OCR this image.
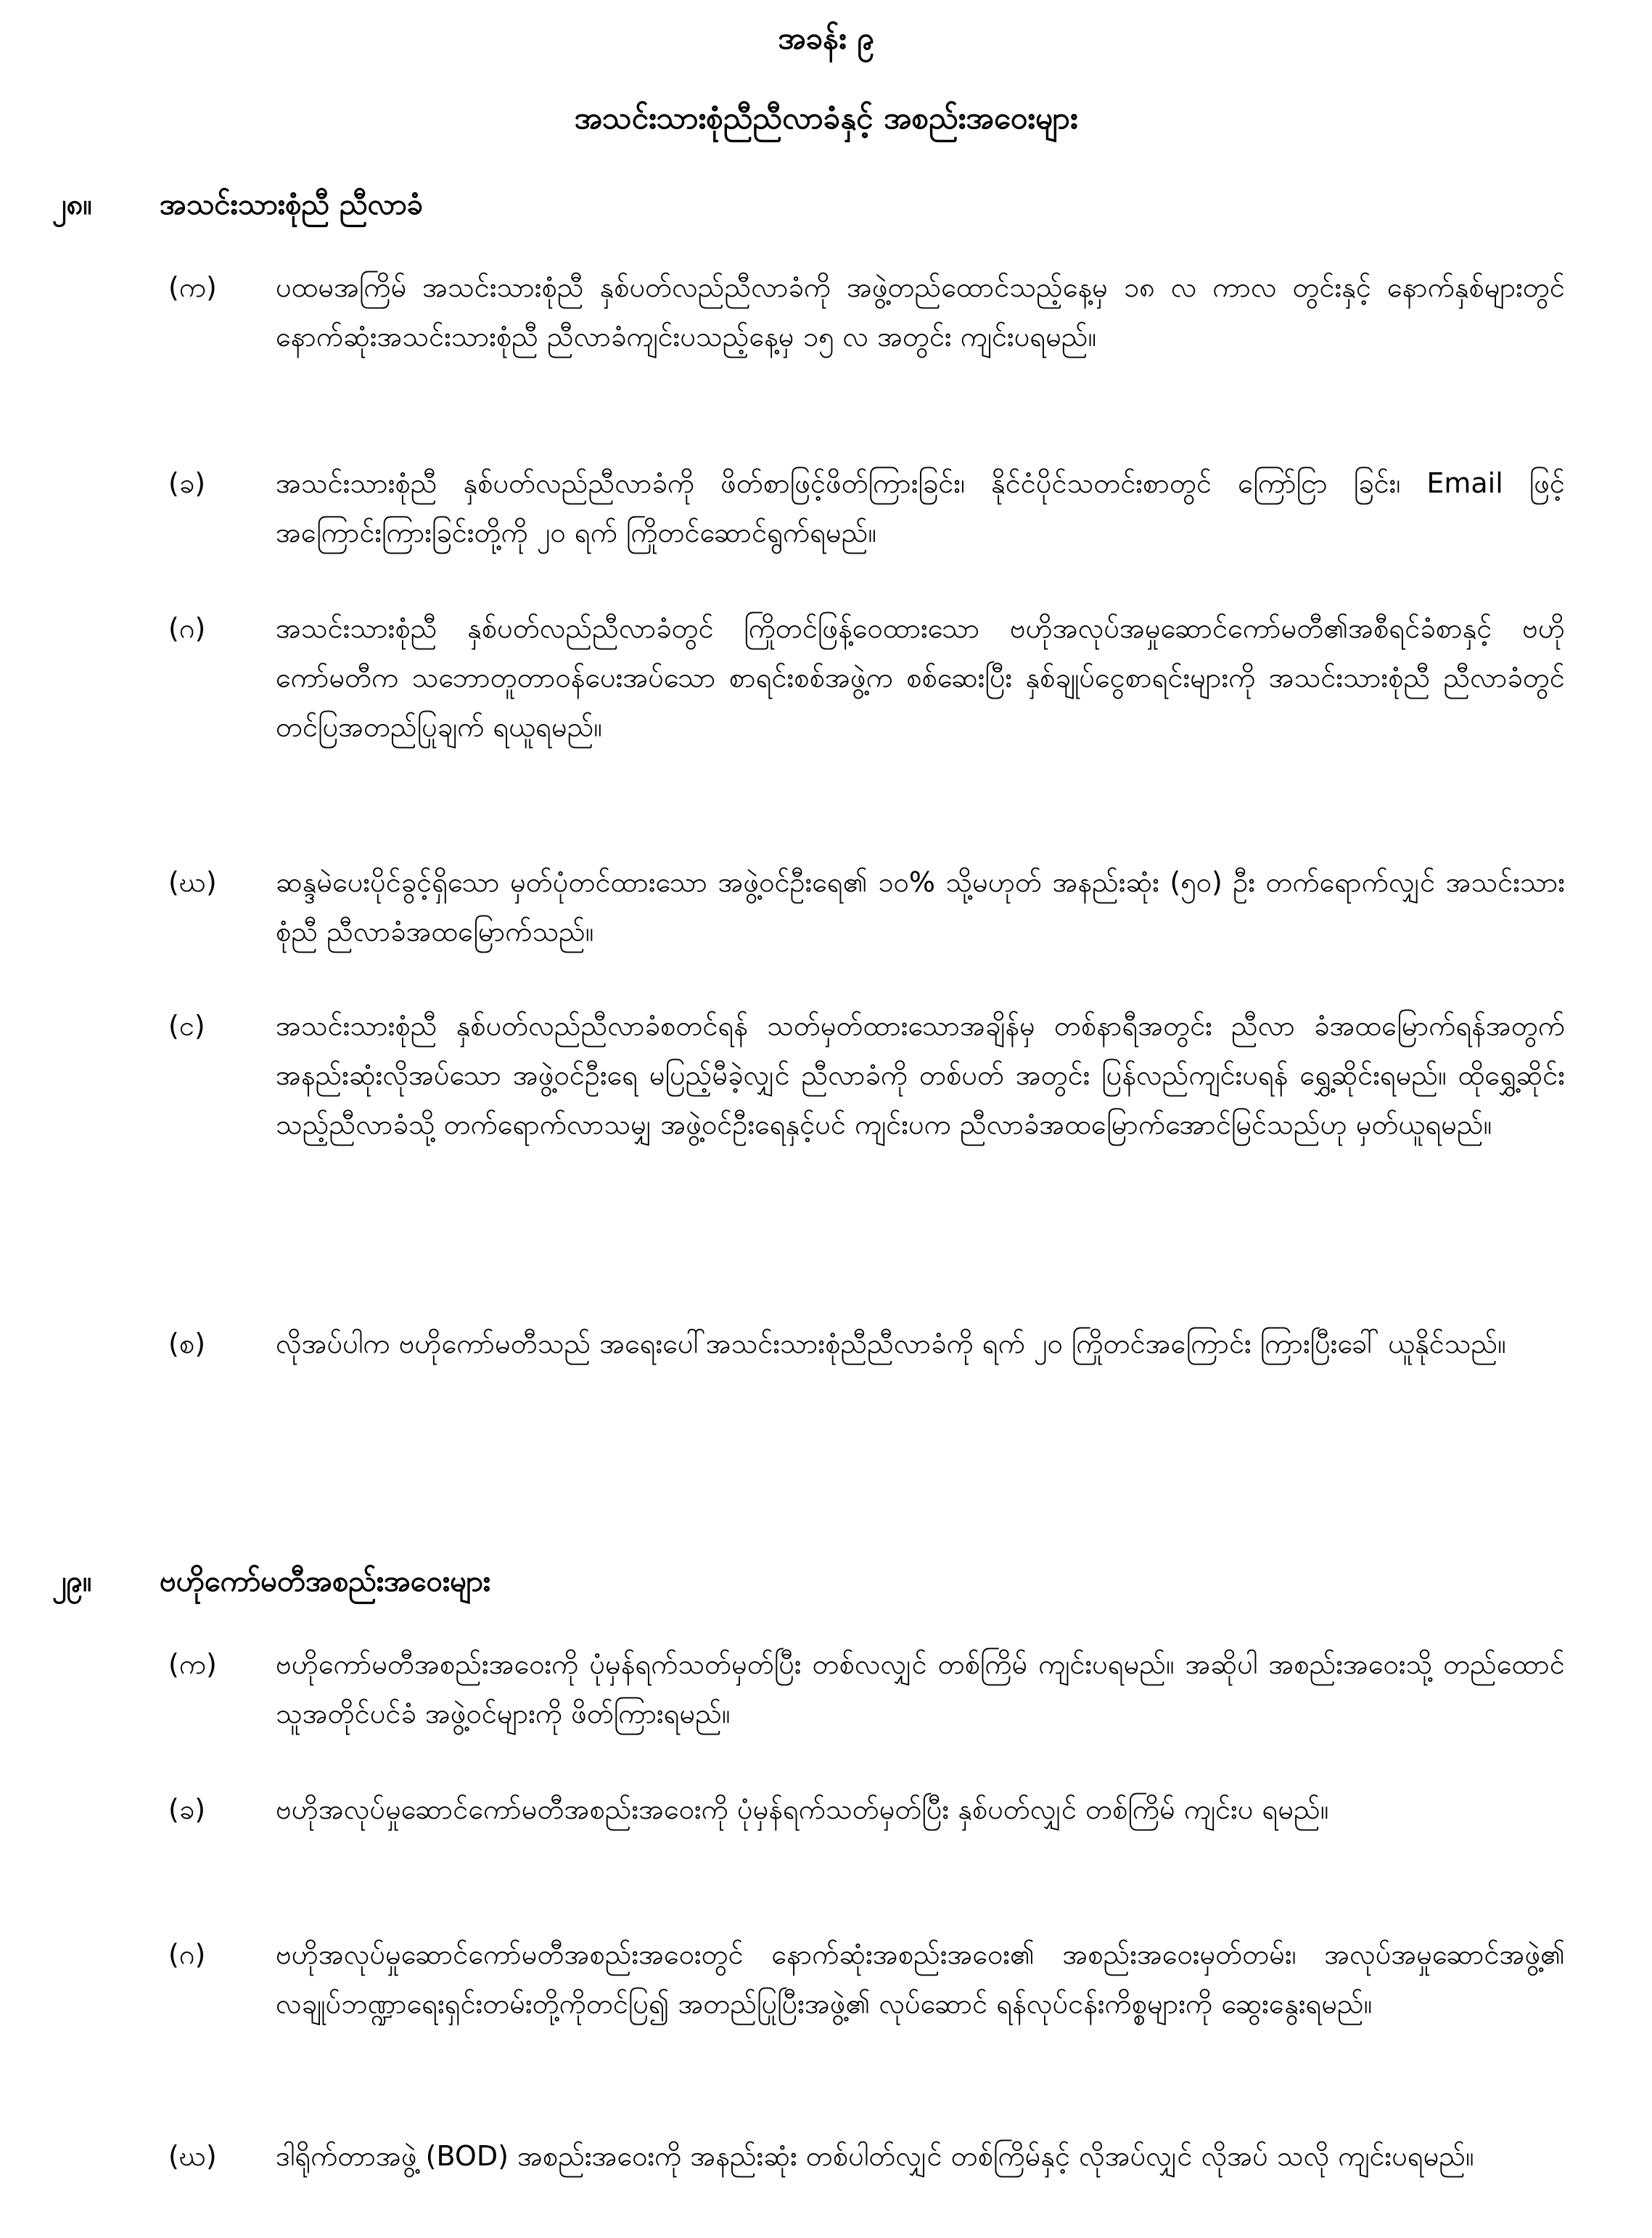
အခန်း ၉
အသင်းသားစုံညီညီလာခံနှင့် အစည်းအဝေးများ
၂၈။ အသင်းသားစုံညီ ညီလာခံ
(က)	ပထမအကြိမ် အသင်းသားစုံညီ နှစ်ပတ်လည်ညီလာခံကို အဖွဲ့တည်ထောင်သည့်နေ့မှ ၁၈ လ ကာလ တွင်းနှင့် နောက်နှစ်များတွင် နောက်ဆုံးအသင်းသားစုံညီ ညီလာခံကျင်းပသည့်နေ့မှ ၁၅ လ အတွင်း ကျင်းပရမည်။
(ခ)	အသင်းသားစုံညီ နှစ်ပတ်လည်ညီလာခံကို ဖိတ်စာဖြင့်ဖိတ်ကြားခြင်း၊ နိုင်ငံပိုင်သတင်းစာတွင် ကြော်ငြာ ခြင်း၊ Email ဖြင့်အကြောင်းကြားခြင်းတို့ကို ၂၀ ရက် ကြိုတင်ဆောင်ရွက်ရမည်။
(ဂ)	အသင်းသားစုံညီ နှစ်ပတ်လည်ညီလာခံတွင် ကြိုတင်ဖြန့်ဝေထားသော ဗဟိုအလုပ်အမှုဆောင်ကော်မတီ၏အစီရင်ခံစာနှင့် ဗဟိုကော်မတီက သဘောတူတာဝန်ပေးအပ်သော စာရင်းစစ်အဖွဲ့က စစ်ဆေးပြီး နှစ်ချုပ်ငွေစာရင်းများကို အသင်းသားစုံညီ ညီလာခံတွင် တင်ပြအတည်ပြုချက် ရယူရမည်။
(ဃ)	ဆန္ဒမဲပေးပိုင်ခွင့်ရှိသော မှတ်ပုံတင်ထားသော အဖွဲ့ဝင်ဦးရေ၏ ၁၀% သို့မဟုတ် အနည်းဆုံး (၅၀) ဦး တက်ရောက်လျှင် အသင်းသားစုံညီ ညီလာခံအထမြောက်သည်။
(င)	အသင်းသားစုံညီ နှစ်ပတ်လည်ညီလာခံစတင်ရန် သတ်မှတ်ထားသောအချိန်မှ တစ်နာရီအတွင်း ညီလာ ခံအထမြောက်ရန်အတွက် အနည်းဆုံးလိုအပ်သော အဖွဲ့ဝင်ဦးရေ မပြည့်မီခဲ့လျှင် ညီလာခံကို တစ်ပတ် အတွင်း ပြန်လည်ကျင်းပရန် ရွှေ့ဆိုင်းရမည်။ ထိုရွှေ့ဆိုင်းသည့်ညီလာခံသို့ တက်ရောက်လာသမျှ အဖွဲ့ဝင်ဦးရေနှင့်ပင် ကျင်းပက ညီလာခံအထမြောက်အောင်မြင်သည်ဟု မှတ်ယူရမည်။
(စ)	လိုအပ်ပါက ဗဟိုကော်မတီသည် အရေးပေါ်အသင်းသားစုံညီညီလာခံကို ရက် ၂၀ ကြိုတင်အကြောင်း ကြားပြီးခေါ် ယူနိုင်သည်။
၂၉။ ဗဟိုကော်မတီအစည်းအဝေးများ
(က)	ဗဟိုကော်မတီအစည်းအဝေးကို ပုံမှန်ရက်သတ်မှတ်ပြီး တစ်လလျှင် တစ်ကြိမ် ကျင်းပရမည်။ အဆိုပါ အစည်းအဝေးသို့ တည်ထောင်သူအတိုင်ပင်ခံ အဖွဲ့ဝင်များကို ဖိတ်ကြားရမည်။
(ခ)	ဗဟိုအလုပ်မှုဆောင်ကော်မတီအစည်းအဝေးကို ပုံမှန်ရက်သတ်မှတ်ပြီး နှစ်ပတ်လျှင် တစ်ကြိမ် ကျင်းပ ရမည်။
(ဂ)	ဗဟိုအလုပ်မှုဆောင်ကော်မတီအစည်းအဝေးတွင် နောက်ဆုံးအစည်းအဝေး၏ အစည်းအဝေးမှတ်တမ်း၊ အလုပ်အမှုဆောင်အဖွဲ့၏ လချုပ်ဘဏ္ဍာရေးရှင်းတမ်းတို့ကိုတင်ပြ၍ အတည်ပြုပြီးအဖွဲ့၏ လုပ်ဆောင် ရန်လုပ်ငန်းကိစ္စများကို ဆွေးနွေးရမည်။
(ဃ)	ဒါရိုက်တာအဖွဲ့ (BOD) အစည်းအဝေးကို အနည်းဆုံး တစ်ပါတ်လျှင် တစ်ကြိမ်နှင့် လိုအပ်လျှင် လိုအပ် သလို ကျင်းပရမည်။
